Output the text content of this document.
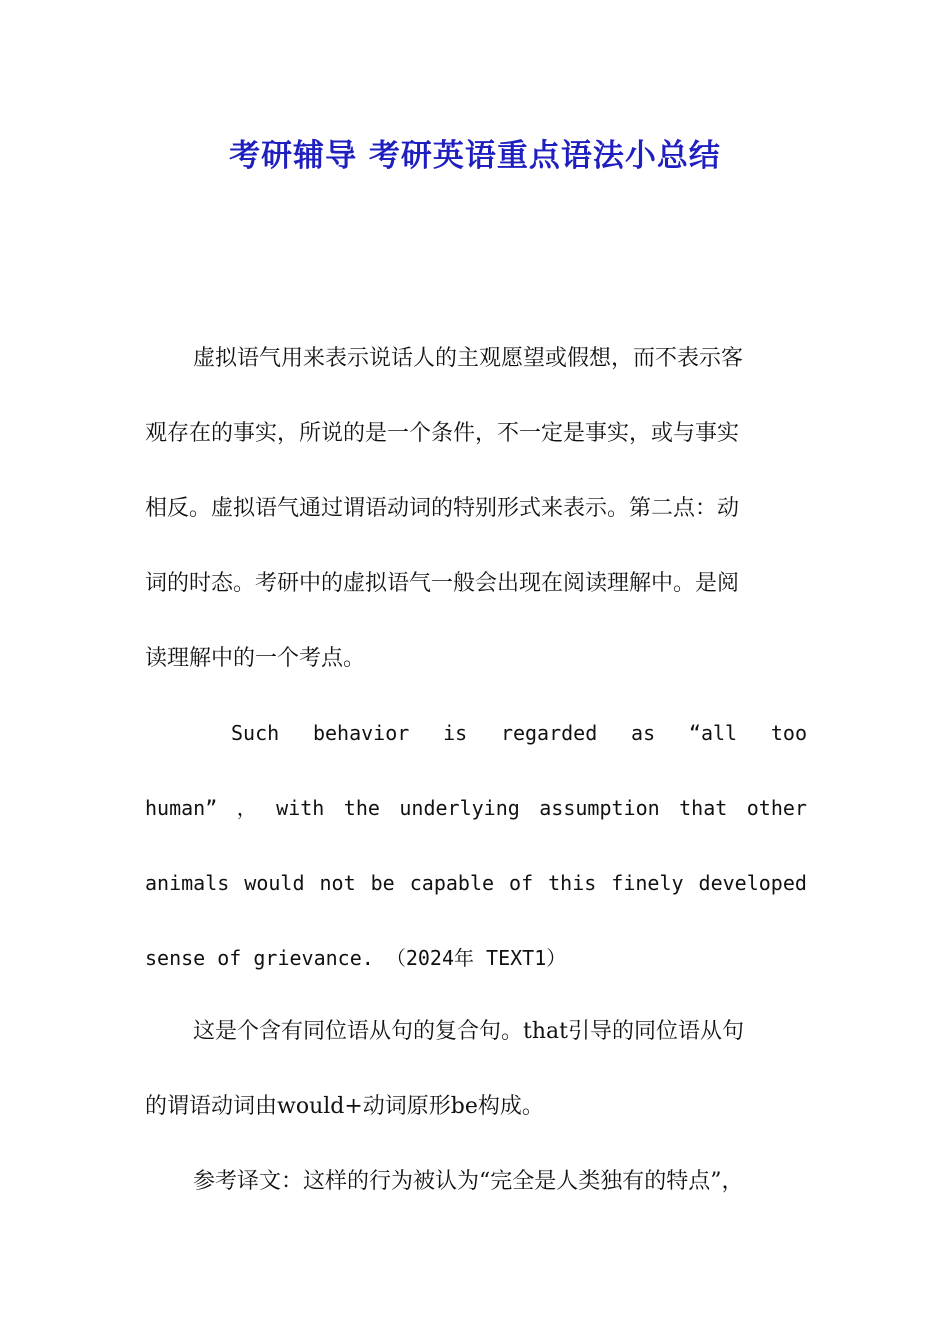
考研辅导 考研英语重点语法小总结
虚拟语气用来表示说话人的主观愿望或假想，而不表示客
观存在的事实，所说的是一个条件，不一定是事实，或与事实
相反。虚拟语气通过谓语动词的特别形式来表示。第二点：动
词的时态。考研中的虚拟语气一般会出现在阅读理解中。是阅
读理解中的一个考点。
Such behavior is regarded as “all too
human” ， with the underlying assumption that other
animals would not be capable of this finely developed
sense of grievance. （2024年 TEXT1）
这是个含有同位语从句的复合句。that引导的同位语从句
的谓语动词由would+动词原形be构成。
参考译文：这样的行为被认为“完全是人类独有的特点”，
